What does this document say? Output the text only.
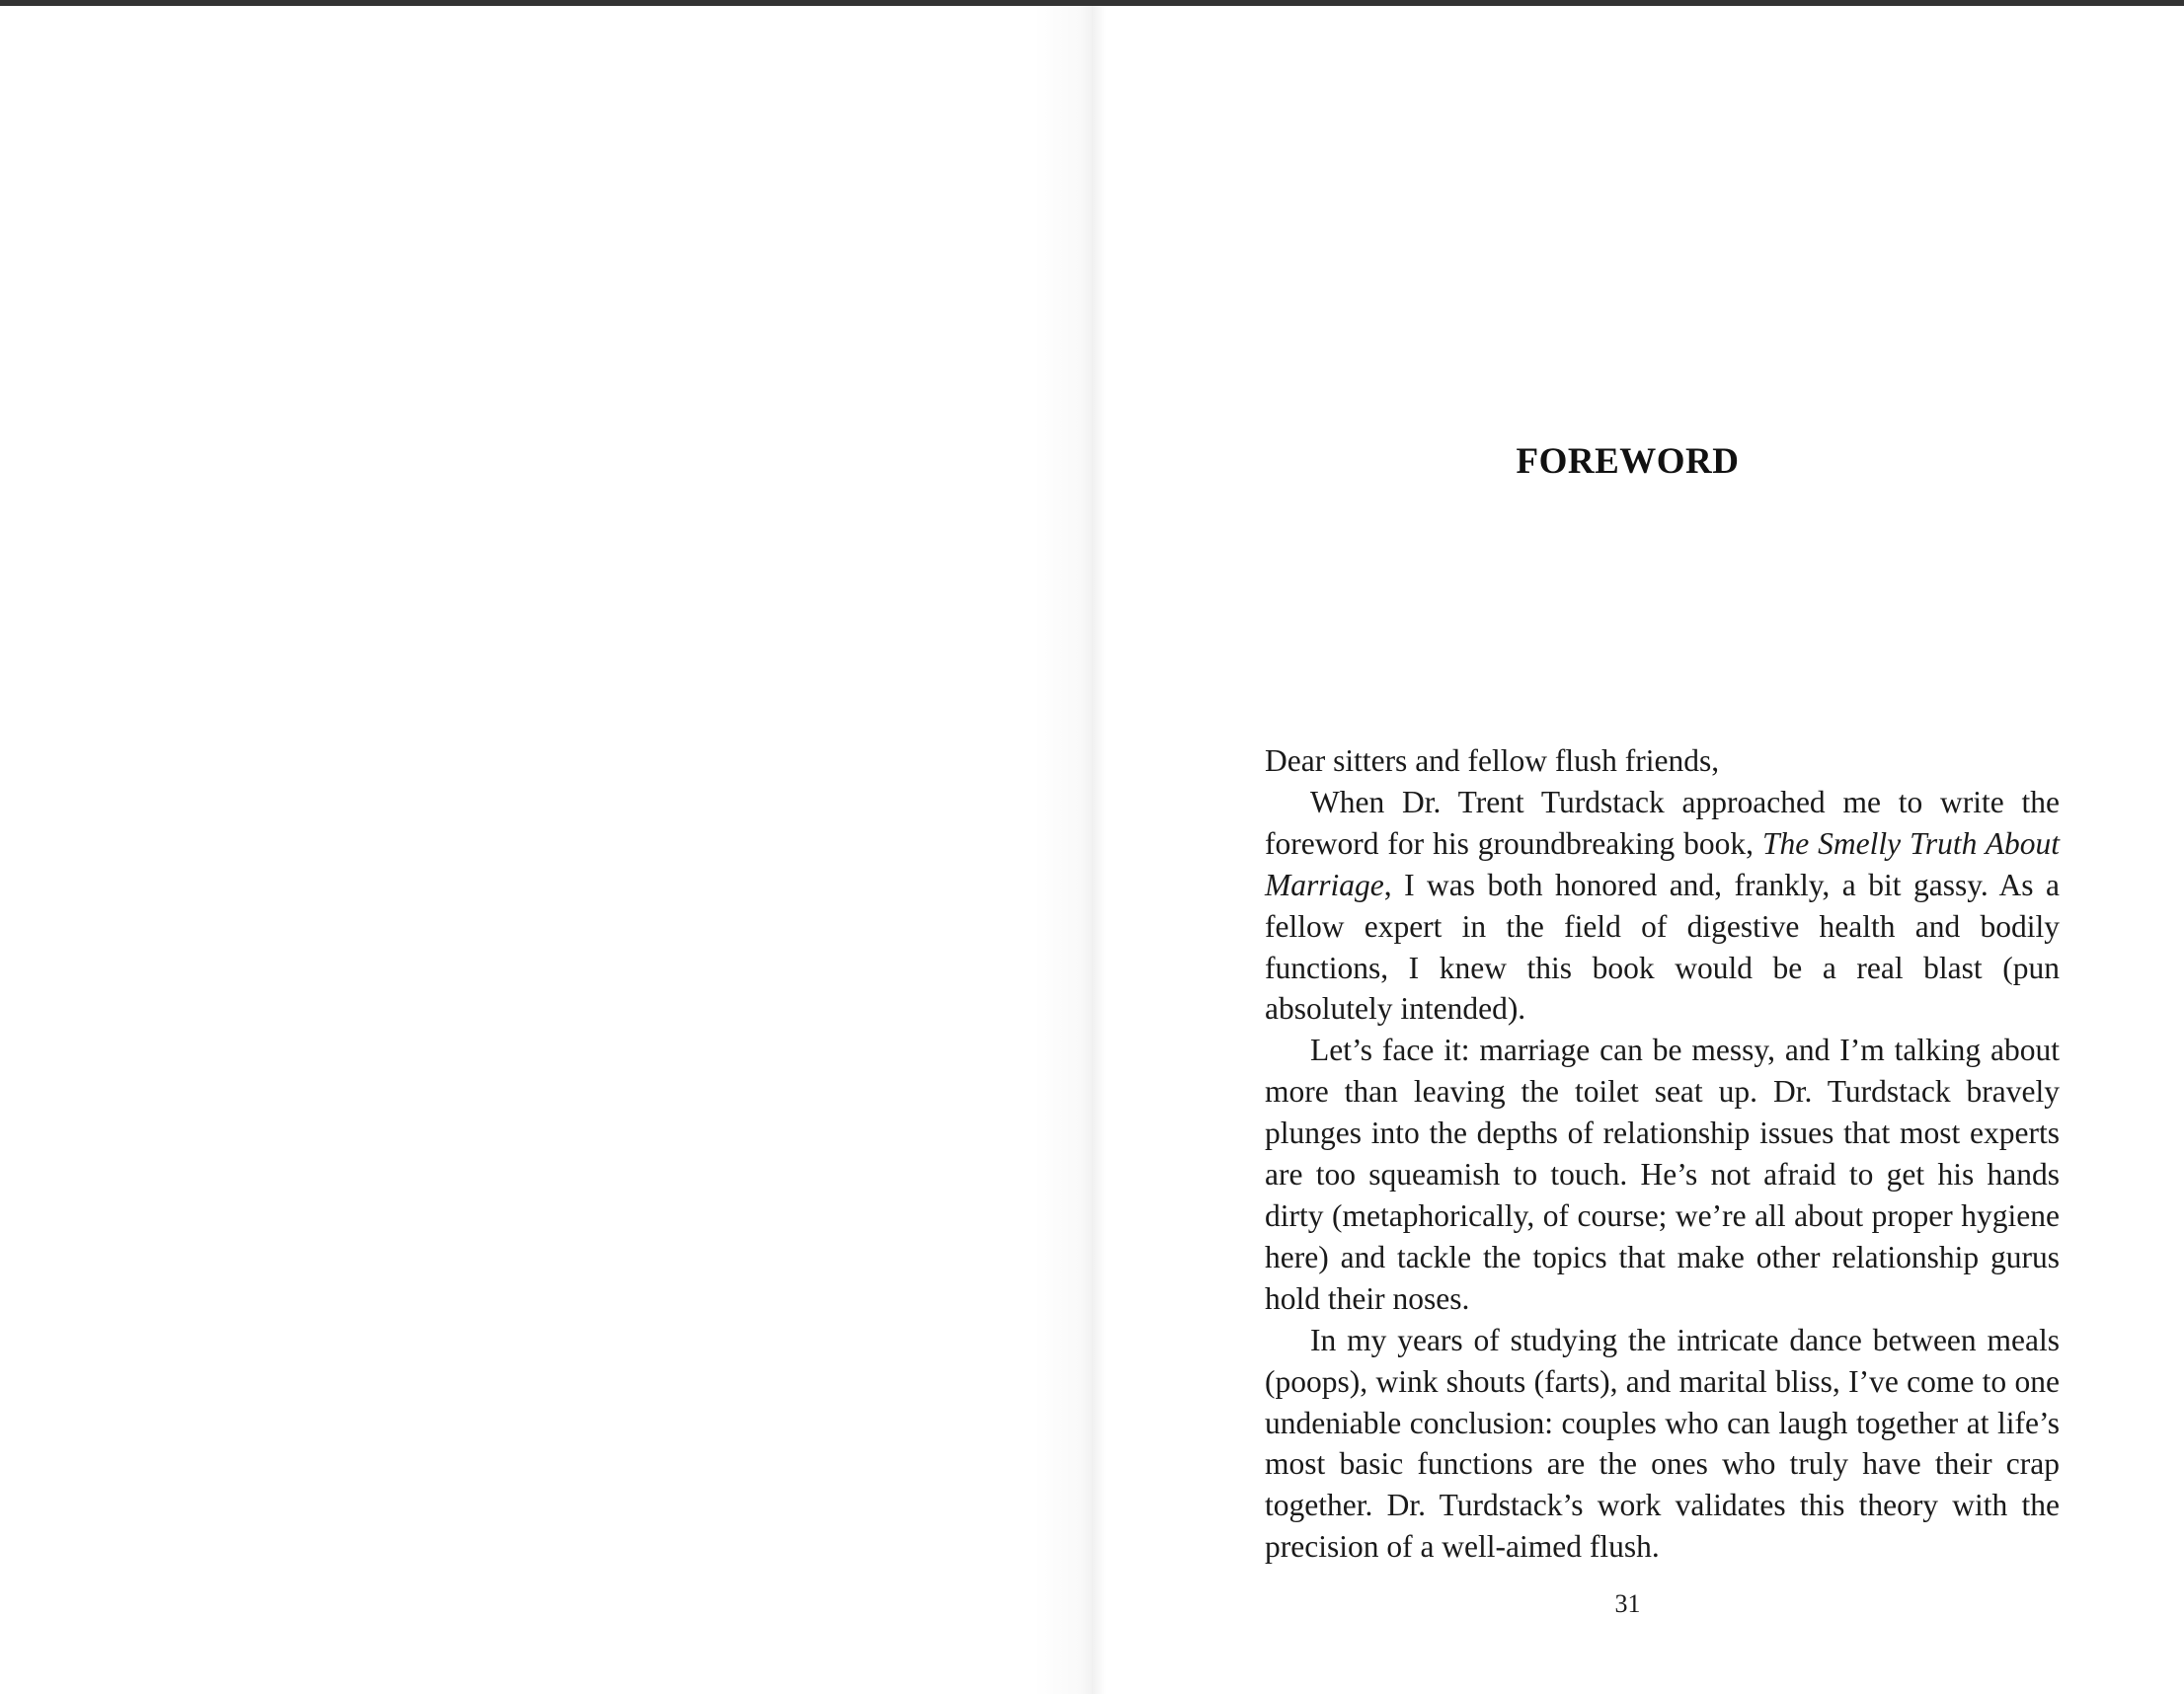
FOREWORD

Dear sitters and fellow flush friends,

When Dr. Trent Turdstack approached me to write the foreword for his groundbreaking book, The Smelly Truth About Marriage, I was both honored and, frankly, a bit gassy. As a fellow expert in the field of digestive health and bodily functions, I knew this book would be a real blast (pun absolutely intended).

Let’s face it: marriage can be messy, and I’m talking about more than leaving the toilet seat up. Dr. Turdstack bravely plunges into the depths of relationship issues that most experts are too squeamish to touch. He’s not afraid to get his hands dirty (metaphorically, of course; we’re all about proper hygiene here) and tackle the topics that make other relationship gurus hold their noses.

In my years of studying the intricate dance between meals (poops), wink shouts (farts), and marital bliss, I’ve come to one undeniable conclusion: couples who can laugh together at life’s most basic functions are the ones who truly have their crap together. Dr. Turdstack’s work validates this theory with the precision of a well-aimed flush.

31
